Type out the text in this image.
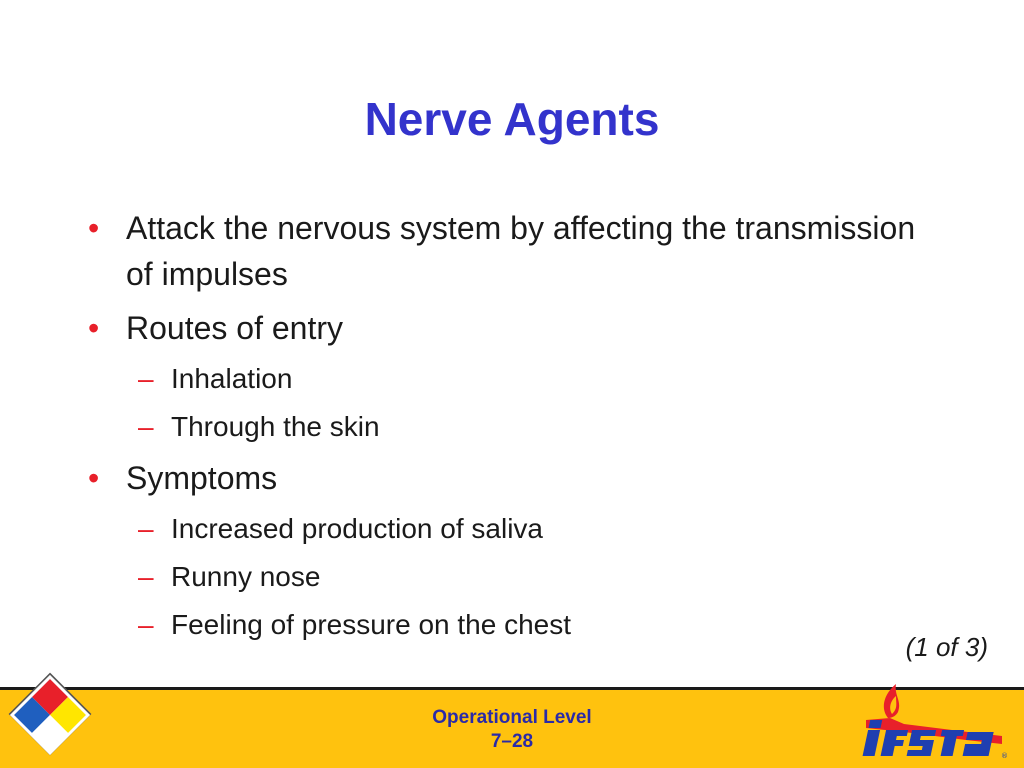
Nerve Agents
• Attack the nervous system by affecting the transmission of impulses
• Routes of entry
– Inhalation
– Through the skin
• Symptoms
– Increased production of saliva
– Runny nose
– Feeling of pressure on the chest
(1 of 3)
Operational Level
7–28
®
